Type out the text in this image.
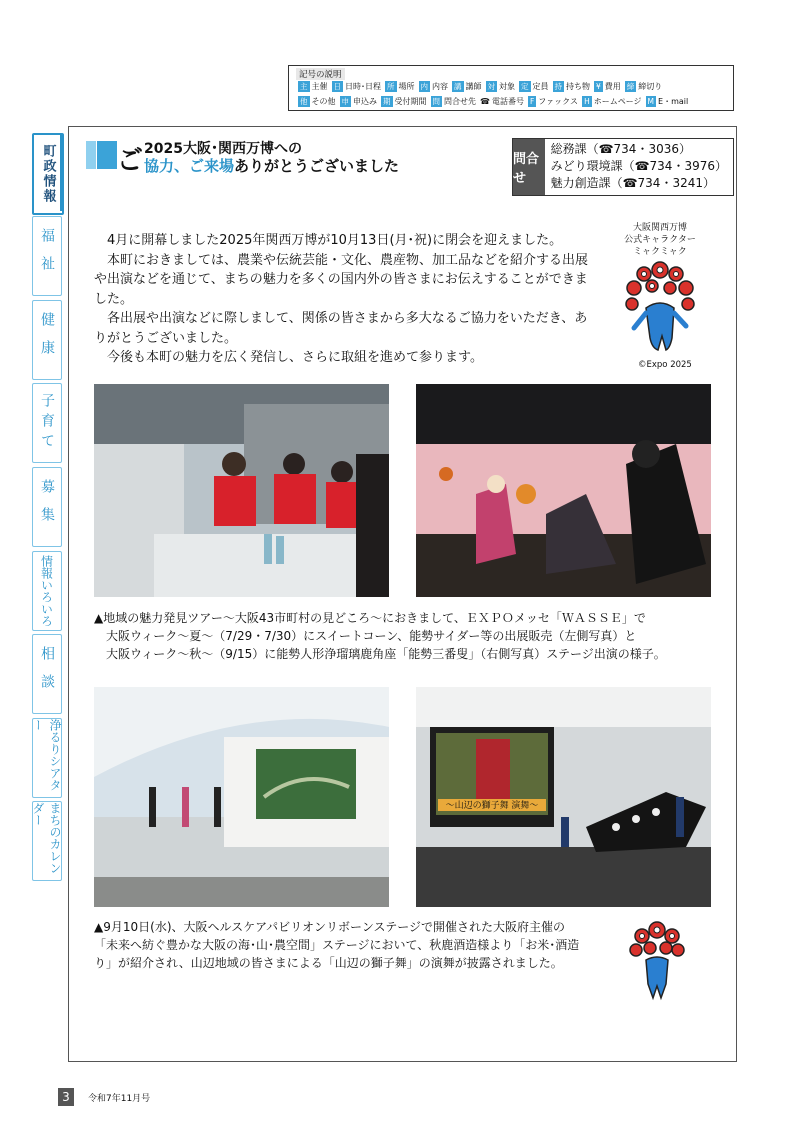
記号の説明
主 主催 日 日時･日程 所 場所 内 内容 講 講師 対 対象 定 定員 持 持ち物 ¥ 費用 締 締切り
他 その他 申 申込み 期 受付期間 問 問合せ先 ☎ 電話番号 F ファックス H ホームページ M E・mail
町政情報
福祉
健康
子育て
募集
情報いろいろ
相談
浄るりシアター
まちのカレンダー
ご 2025大阪･関西万博への
協力、ご来場ありがとうございました	問合せ
総務課（☎734・3036）
みどり環境課（☎734・3976）
魅力創造課（☎734・3241）

4月に開幕しました2025年関西万博が10月13日(月･祝)に閉会を迎えました。

本町におきましては、農業や伝統芸能・文化、農産物、加工品などを紹介する出展や出演などを通じて、まちの魅力を多くの国内外の皆さまにお伝えすることができました。

各出展や出演などに際しまして、関係の皆さまから多大なるご協力をいただき、ありがとうございました。

今後も本町の魅力を広く発信し、さらに取組を進めて参ります。

大阪関西万博
公式キャラクター
ミャクミャク
©Expo 2025
▲地域の魅力発見ツアー～大阪43市町村の見どころ～におきまして、ＥＸＰＯメッセ「ＷＡＳＳＥ」で
　大阪ウィーク～夏～（7/29・7/30）にスイートコーン、能勢サイダー等の出展販売（左側写真）と
　大阪ウィーク～秋～（9/15）に能勢人形浄瑠璃鹿角座「能勢三番叟」（右側写真）ステージ出演の様子。
～山辺の獅子舞 演舞～
▲9月10日(水)、大阪ヘルスケアパビリオンリボーンステージで開催された大阪府主催の
「未来へ紡ぐ豊かな大阪の海･山･農空間」ステージにおいて、秋鹿酒造様より「お米･酒造
り」が紹介され、山辺地域の皆さまによる「山辺の獅子舞」の演舞が披露されました。
3	令和7年11月号
